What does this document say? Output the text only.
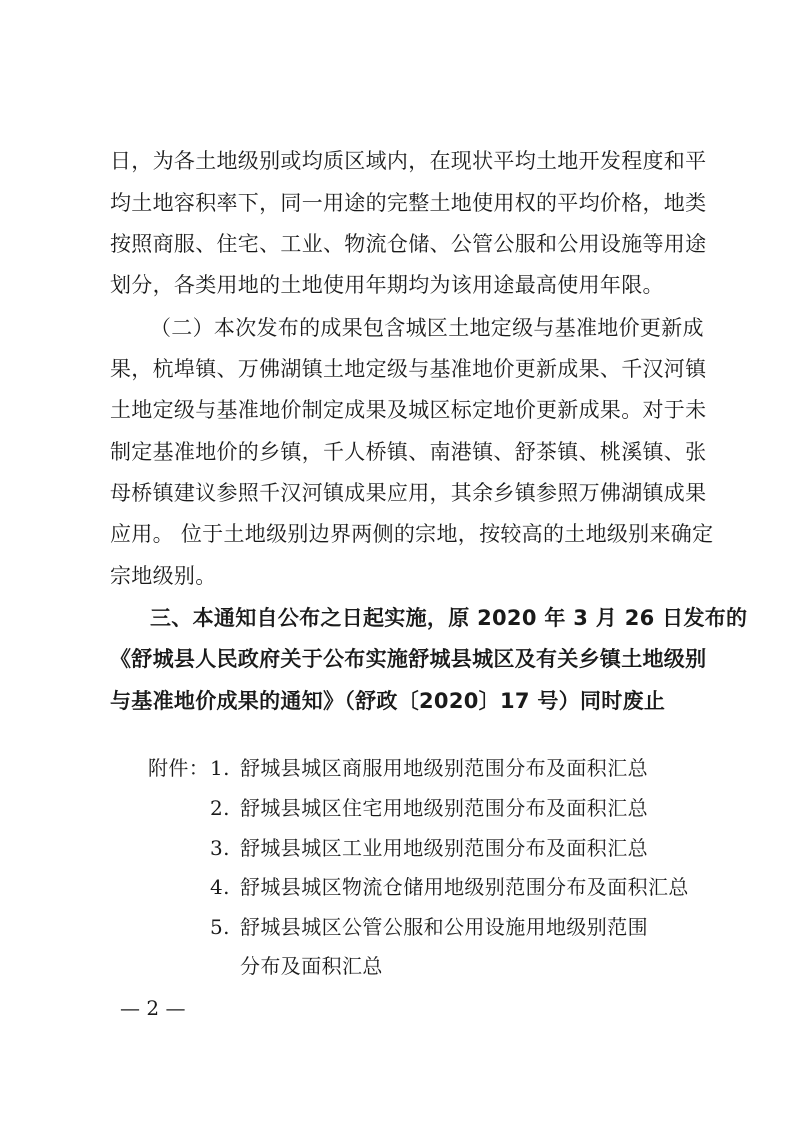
日，为各土地级别或均质区域内，在现状平均土地开发程度和平
均土地容积率下，同一用途的完整土地使用权的平均价格，地类
按照商服、住宅、工业、物流仓储、公管公服和公用设施等用途
划分，各类用地的土地使用年期均为该用途最高使用年限。
（二）本次发布的成果包含城区土地定级与基准地价更新成
果，杭埠镇、万佛湖镇土地定级与基准地价更新成果、千汉河镇
土地定级与基准地价制定成果及城区标定地价更新成果。对于未
制定基准地价的乡镇，千人桥镇、南港镇、舒茶镇、桃溪镇、张
母桥镇建议参照千汉河镇成果应用，其余乡镇参照万佛湖镇成果
应用。 位于土地级别边界两侧的宗地，按较高的土地级别来确定
宗地级别。
三、本通知自公布之日起实施，原 2020 年 3 月 26 日发布的
《舒城县人民政府关于公布实施舒城县城区及有关乡镇土地级别
与基准地价成果的通知》（舒政〔2020〕17 号）同时废止
附件： 1. 舒城县城区商服用地级别范围分布及面积汇总
2. 舒城县城区住宅用地级别范围分布及面积汇总
3. 舒城县城区工业用地级别范围分布及面积汇总
4. 舒城县城区物流仓储用地级别范围分布及面积汇总
5. 舒城县城区公管公服和公用设施用地级别范围
分布及面积汇总
— 2 —
